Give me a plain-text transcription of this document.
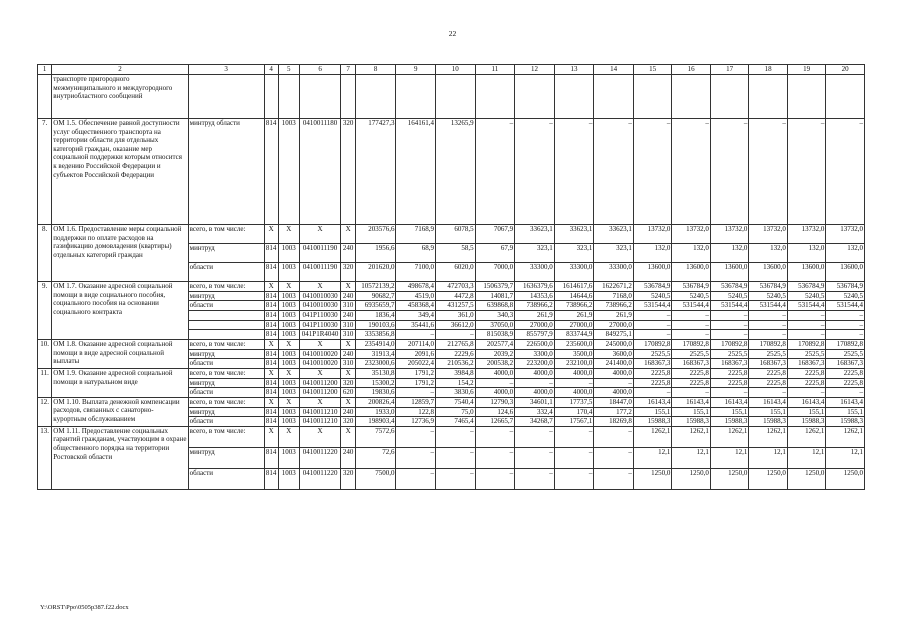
22
1	2	3	4	5	6	7	8	9	10	11	12	13	14	15	16	17	18	19	20
	транспорте пригородного межмуниципального и междугородного внутриобластного сообщений																		
7.	ОМ 1.5. Обеспечение равной доступности услуг общественного транспорта на территории области для отдельных категорий граждан, оказание мер социальной поддержки которым относится к ведению Российской Федерации и субъектов Российской Федерации	минтруд области	814	1003	0410011180	320	177427,3	164161,4	13265,9	–	–	–	–	–	–	–	–	–	–
8.	ОМ 1.6. Предоставление меры социальной поддержки по оплате расходов на газификацию домовладения (квартиры) отдельных категорий граждан	всего, в том числе:	X	X	X	X	203576,6	7168,9	6078,5	7067,9	33623,1	33623,1	33623,1	13732,0	13732,0	13732,0	13732,0	13732,0	13732,0
		минтруд	814	1003	0410011190	240	1956,6	68,9	58,5	67,9	323,1	323,1	323,1	132,0	132,0	132,0	132,0	132,0	132,0
		области	814	1003	0410011190	320	201620,0	7100,0	6020,0	7000,0	33300,0	33300,0	33300,0	13600,0	13600,0	13600,0	13600,0	13600,0	13600,0
9.	ОМ 1.7. Оказание адресной социальной помощи в виде социального пособия, социального пособия на основании социального контракта	всего, в том числе:	X	X	X	X	10572139,2	498678,4	472703,3	1506379,7	1636379,6	1614617,6	1622671,2	536784,9	536784,9	536784,9	536784,9	536784,9	536784,9
		минтруд	814	1003	0410010030	240	90682,7	4519,0	4472,8	14081,7	14353,6	14644,6	7168,0	5240,5	5240,5	5240,5	5240,5	5240,5	5240,5
		области	814	1003	0410010030	310	6935659,7	458368,4	431257,5	639868,8	738966,2	738966,2	738966,2	531544,4	531544,4	531544,4	531544,4	531544,4	531544,4
			814	1003	041P110030	240	1836,4	349,4	361,0	340,3	261,9	261,9	261,9	–	–	–	–	–	–
			814	1003	041P110030	310	190103,6	35441,6	36612,0	37050,0	27000,0	27000,0	27000,0	–	–	–	–	–	–
			814	1003	041P1R4040	310	3353856,8	–	–	815038,9	855797,9	833744,9	849275,1	–	–	–	–	–	–
10.	ОМ 1.8. Оказание адресной социальной помощи в виде адресной социальной выплаты	всего, в том числе:	X	X	X	X	2354914,0	207114,0	212765,8	202577,4	226500,0	235600,0	245000,0	170892,8	170892,8	170892,8	170892,8	170892,8	170892,8
		минтруд	814	1003	0410010020	240	31913,4	2091,6	2229,6	2039,2	3300,0	3500,0	3600,0	2525,5	2525,5	2525,5	2525,5	2525,5	2525,5
		области	814	1003	0410010020	310	2323000,6	205022,4	210536,2	200538,2	223200,0	232100,0	241400,0	168367,3	168367,3	168367,3	168367,3	168367,3	168367,3
11.	ОМ 1.9. Оказание адресной социальной помощи в натуральном виде	всего, в том числе:	X	X	X	X	35130,8	1791,2	3984,8	4000,0	4000,0	4000,0	4000,0	2225,8	2225,8	2225,8	2225,8	2225,8	2225,8
		минтруд	814	1003	0410011200	320	15300,2	1791,2	154,2	–	–	–	–	2225,8	2225,8	2225,8	2225,8	2225,8	2225,8
		области	814	1003	0410011200	620	19830,6	–	3830,6	4000,0	4000,0	4000,0	4000,0	–	–	–	–	–	–
12.	ОМ 1.10. Выплата денежной компенсации расходов, связанных с санаторно-курортным обслуживанием	всего, в том числе:	X	X	X	X	200826,4	12859,7	7540,4	12790,3	34601,1	17737,5	18447,0	16143,4	16143,4	16143,4	16143,4	16143,4	16143,4
		минтруд	814	1003	0410011210	240	1933,0	122,8	75,0	124,6	332,4	170,4	177,2	155,1	155,1	155,1	155,1	155,1	155,1
		области	814	1003	0410011210	320	198903,4	12736,9	7465,4	12665,7	34268,7	17567,1	18269,8	15988,3	15988,3	15988,3	15988,3	15988,3	15988,3
13.	ОМ 1.11. Предоставление социальных гарантий гражданам, участвующим в охране общественного порядка на территории Ростовской области	всего, в том числе:	X	X	X	X	7572,6	–	–	–	–	–	–	1262,1	1262,1	1262,1	1262,1	1262,1	1262,1
		минтруд	814	1003	0410011220	240	72,6	–	–	–	–	–	–	12,1	12,1	12,1	12,1	12,1	12,1
		области	814	1003	0410011220	320	7500,0	–	–	–	–	–	–	1250,0	1250,0	1250,0	1250,0	1250,0	1250,0
Y:\ORST\Ppo\0505p387.f22.docx
